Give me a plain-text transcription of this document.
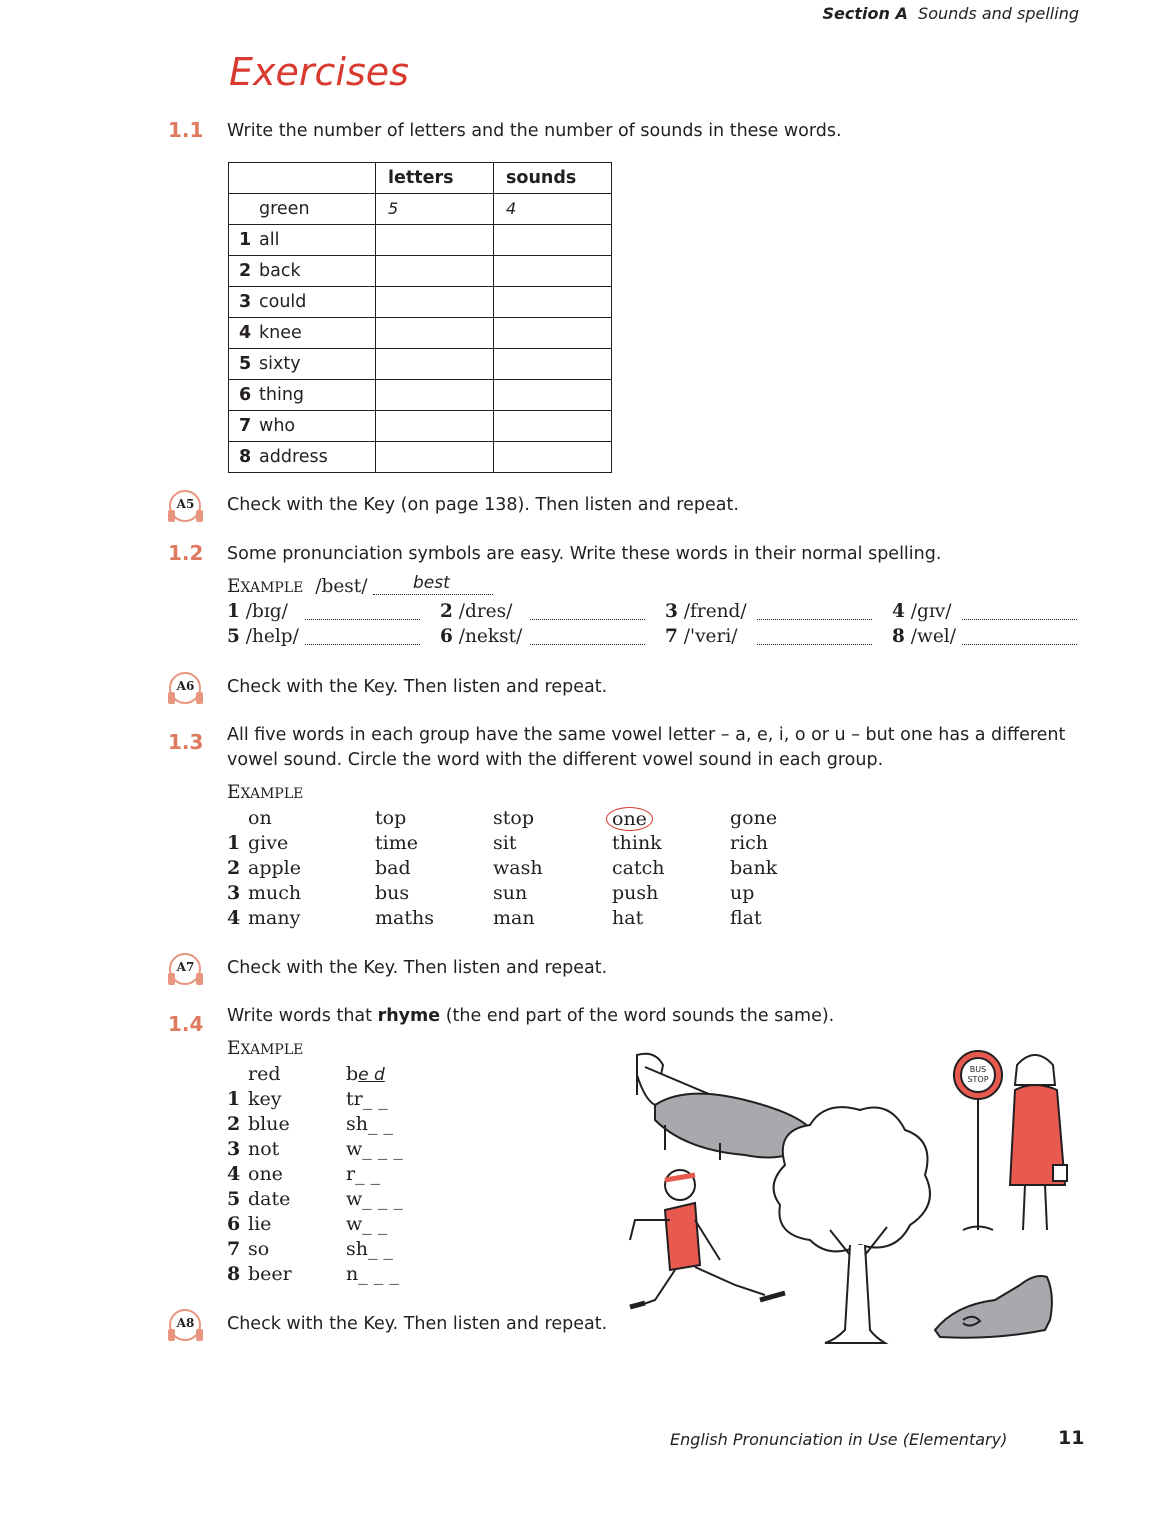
Section A Sounds and spelling
Exercises
1.1 Write the number of letters and the number of sounds in these words.
	letters	sounds
green	5	4
1 all		
2 back		
3 could		
4 knee		
5 sixty		
6 thing		
7 who		
8 address		
A5	Check with the Key (on page 138). Then listen and repeat.
1.2 Some pronunciation symbols are easy. Write these words in their normal spelling.
EXAMPLE /best/	best
1 /bɪg/	2 /dres/	3 /frend/	4 /gɪv/
5 /help/	6 /nekst/	7 /'veri/	8 /wel/
A6	Check with the Key. Then listen and repeat.
1.3 All five words in each group have the same vowel letter – a, e, i, o or u – but one has a different
vowel sound. Circle the word with the different vowel sound in each group.
EXAMPLE
on	top	stop	one	gone
1 give	time	sit	think	rich
2 apple	bad	wash	catch	bank
3 much	bus	sun	push	up
4 many	maths	man	hat	flat
A7	Check with the Key. Then listen and repeat.
1.4 Write words that rhyme (the end part of the word sounds the same).
EXAMPLE
red	be d
1 key	tr_ _
2 blue	sh_ _
3 not	w_ _ _
4 one	r_ _
5 date	w_ _ _
6 lie	w_ _
7 so	sh_ _
8 beer	n_ _ _
A8	Check with the Key. Then listen and repeat.
BUS
STOP
English Pronunciation in Use (Elementary)	11
